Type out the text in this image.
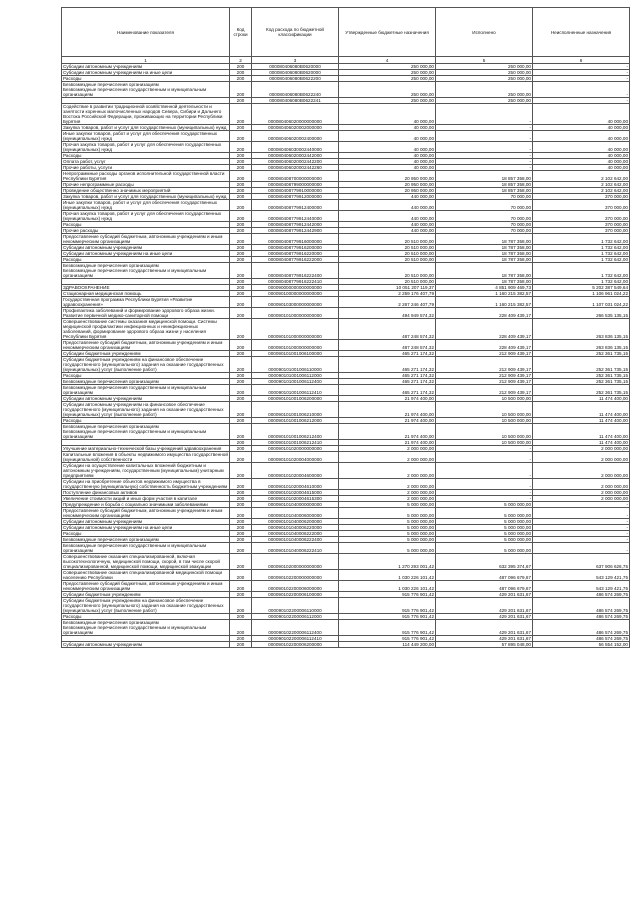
Наименование показателя	Код строки	Код расхода по бюджетной классификации	Утвержденные бюджетные назначения	Исполнено	Неисполненные назначения
1	2	3	4	5	6
Субсидии автономным учреждениям	200	000080406080В0620000	250 000,00	250 000,00	-
Субсидии автономным учреждениям на иные цели	200	000080406080В0620000	250 000,00	250 000,00	-
Расходы	200	000080406080В0622200	250 000,00	250 000,00	-
Безвозмездные перечисления организациям
Безвозмездные перечисления государственным и муниципальным организациям	200	000080406080В0622240	250 000,00	250 000,00	-
	200	000080406080В0622241	250 000,00	250 000,00	-
Содействие в развитии традиционной хозяйственной деятельности и занятости коренных малочисленных народов Севера, Сибири и Дальнего Востока Российской Федерации, проживающих на территории Республики Бурятия	200	000080406020000000000	40 000,00	-	40 000,00
Закупка товаров, работ и услуг для государственных (муниципальных) нужд	200	000080406020002000000	40 000,00	-	40 000,00
Иные закупки товаров, работ и услуг для обеспечения государственных (муниципальных) нужд	200	000080406020002400000	40 000,00	-	40 000,00
Прочая закупка товаров, работ и услуг для обеспечения государственных (муниципальных) нужд	200	000080406030002440000	40 000,00	-	40 000,00
Расходы	200	000080406020002442000	40 000,00	-	40 000,00
Оплата работ, услуг	200	000080406020002442200	40 000,00	-	40 000,00
Прочие работы, услуги	200	000080406020002442260	40 000,00	-	40 000,00
Непрограммные расходы органов исполнительной государственной власти Республики Бурятия	200	000080408700000000000	20 950 000,00	18 857 358,00	2 102 642,00
Прочие непрограммные расходы	200	000080408799000000000	20 950 000,00	18 857 358,00	2 102 642,00
Проведение общественно значимых мероприятий	200	000080408779910000000	20 950 000,00	18 857 358,00	2 102 642,00
Закупка товаров, работ и услуг для государственных (муниципальных) нужд	200	000080408779912000000	440 000,00	70 000,00	370 000,00
Иные закупки товаров, работ и услуг для обеспечения государственных (муниципальных) нужд	200	000080408779912400000	440 000,00	70 000,00	370 000,00
Прочая закупка товаров, работ и услуг для обеспечения государственных (муниципальных) нужд	200	000080408779912440000	440 000,00	70 000,00	370 000,00
Расходы	200	000080408779912442000	440 000,00	70 000,00	370 000,00
Прочие расходы	200	000080408779912442900	440 000,00	70 000,00	370 000,00
Предоставление субсидий бюджетным, автономным учреждениям и иным некоммерческим организациям	200	000080408779916000000	20 510 000,00	18 787 358,00	1 732 642,00
Субсидии автономным учреждениям	200	000080408779916200000	20 510 000,00	18 787 358,00	1 732 642,00
Субсидии автономным учреждениям на иные цели	200	000080408779916220000	20 510 000,00	18 787 358,00	1 732 642,00
Расходы	200	000080408779916222000	20 510 000,00	18 787 358,00	1 732 642,00
Безвозмездные перечисления организациям
Безвозмездные перечисления государственным и муниципальным организациям	200	000080408779916222400	20 510 000,00	18 787 358,00	1 732 642,00
	200	000080408779916222410	20 510 000,00	18 787 358,00	1 732 642,00
ЗДРАВООХРАНЕНИЕ	200	000090000000000000000	10 051 207 119,37	4 851 909 469,73	5 202 387 549,64
Стационарная медицинская помощь	200	000090100000000000000	2 259 176 407,79	1 160 215 382,57	1 106 961 024,22
Государственная программа Республики Бурятия «Развитие здравоохранения»	200	000090103000000000000	2 267 246 407,79	1 160 215 382,57	1 107 031 024,22
Профилактика заболеваний и формирование здорового образа жизни. Развитие первичной медико-санитарной помощи	200	000090101000000000000	494 949 574,32	228 409 439,17	266 535 135,15
Совершенствование системы оказания медицинской помощи. Системы медицинской профилактики инфекционных и неинфекционных заболеваний, формирование здорового образа жизни у населения Республики Бурятия	200	000090101000000000000	487 248 574,32	228 409 439,17	263 836 135,15
Предоставление субсидий бюджетным, автономным учреждениям и иным некоммерческим организациям	200	000090101000000000000	487 248 574,32	228 409 439,17	263 836 135,15
Субсидии бюджетным учреждениям	200	000090101001006100000	465 271 174,32	212 909 439,17	252 361 735,15
Субсидии бюджетным учреждениям на финансовое обеспечение государственного (муниципального) задания на оказание государственных (муниципальных) услуг (выполнение работ)	200	000090101001006110000	465 271 174,32	212 909 439,17	252 361 735,15
Расходы	200	000090101001006112000	465 271 174,32	212 909 439,17	252 361 735,15
Безвозмездные перечисления организациям	200	000090101001006112400	465 271 174,32	212 909 439,17	252 361 735,15
Безвозмездные перечисления государственным и муниципальным организациям	200	000090101001006112410	465 271 174,32	212 909 439,17	252 361 735,15
Субсидии автономным учреждениям	200	000090101001006200000	21 974 400,00	10 500 000,00	11 474 400,00
Субсидии автономным учреждениям на финансовое обеспечение государственного (муниципального) задания на оказание государственных (муниципальных) услуг (выполнение работ)	200	000090101001006210000	21 974 400,00	10 500 000,00	11 474 400,00
Расходы	200	000090101001006212000	21 974 400,00	10 500 000,00	11 474 400,00
Безвозмездные перечисления организациям
Безвозмездные перечисления государственным и муниципальным организациям	200	000090101001006212400	21 974 400,00	10 500 000,00	11 474 400,00
	200	000090101001006212410	21 974 400,00	10 500 000,00	11 474 400,00
Улучшение материально-технической базы учреждений здравоохранения	200	000090101020000000000	2 000 000,00	-	2 000 000,00
Капитальные вложения в объекты недвижимого имущества государственной (муниципальной) собственности	200	000090101020004000000	2 000 000,00	-	2 000 000,00
Субсидии на осуществление капитальных вложений бюджетным и автономным учреждениям, государственным (муниципальным) унитарным предприятиям	200	000090101020004600000	2 000 000,00	-	2 000 000,00
Субсидии на приобретение объектов недвижимого имущества в государственную (муниципальную) собственность бюджетным учреждениям	200	000090101020004610000	2 000 000,00	-	2 000 000,00
Поступление финансовых активов	200	000090101020004615000	2 000 000,00	-	2 000 000,00
Увеличение стоимости акций и иных форм участия в капитале	200	000090101020004615300	2 000 000,00	-	2 000 000,00
Предупреждение и борьба с социально значимыми заболеваниями	200	000090101040000000000	5 000 000,00	5 000 000,00	-
Предоставление субсидий бюджетным, автономным учреждениям и иным некоммерческим организациям	200	000090101040006000000	5 000 000,00	5 000 000,00	-
Субсидии автономным учреждениям	200	000090101040006200000	5 000 000,00	5 000 000,00	-
Субсидии автономным учреждениям на иные цели	200	000090101040006220000	5 000 000,00	5 000 000,00	-
Расходы	200	000090101040006222000	5 000 000,00	5 000 000,00	-
Безвозмездные перечисления организациям	200	000090101040006222400	5 000 000,00	5 000 000,00	-
Безвозмездные перечисления государственным и муниципальным организациям	200	000090101040006222410	5 000 000,00	5 000 000,00	-
Совершенствование оказания специализированной, включая высокотехнологичную, медицинской помощи, скорой, в том числе скорой специализированной, медицинской помощи, медицинской эвакуации	200	000090102000000000000	1 270 293 001,42	632 395 374,67	637 906 626,75
Совершенствование оказания специализированной медицинской помощи населению Республики	200	000090102200000000000	1 030 226 101,42	487 096 679,67	543 129 421,75
Предоставление субсидий бюджетным, автономным учреждениям и иным некоммерческим организациям	200	000090102200006000000	1 030 226 101,42	487 096 679,67	543 129 421,75
Субсидии бюджетным учреждениям	200	000090102200006100000	915 776 901,42	429 201 631,67	486 574 269,75
Субсидии бюджетным учреждениям на финансовое обеспечение государственного (муниципального) задания на оказание государственных (муниципальных) услуг (выполнение работ)	200	000090102200006110000	915 776 901,42	429 201 631,67	486 574 269,75
Расходы	200	000090102200006112000	915 776 901,42	429 201 631,67	486 574 269,75
Безвозмездные перечисления организациям
Безвозмездные перечисления государственным и муниципальным организациям	200	000090102200006112400	915 776 901,42	429 201 631,67	486 574 269,75
	200	000090102200006112410	915 776 901,42	429 201 631,67	486 574 269,75
Субсидии автономным учреждениям	200	000090102200006200000	114 449 200,00	57 895 048,00	56 554 152,00
